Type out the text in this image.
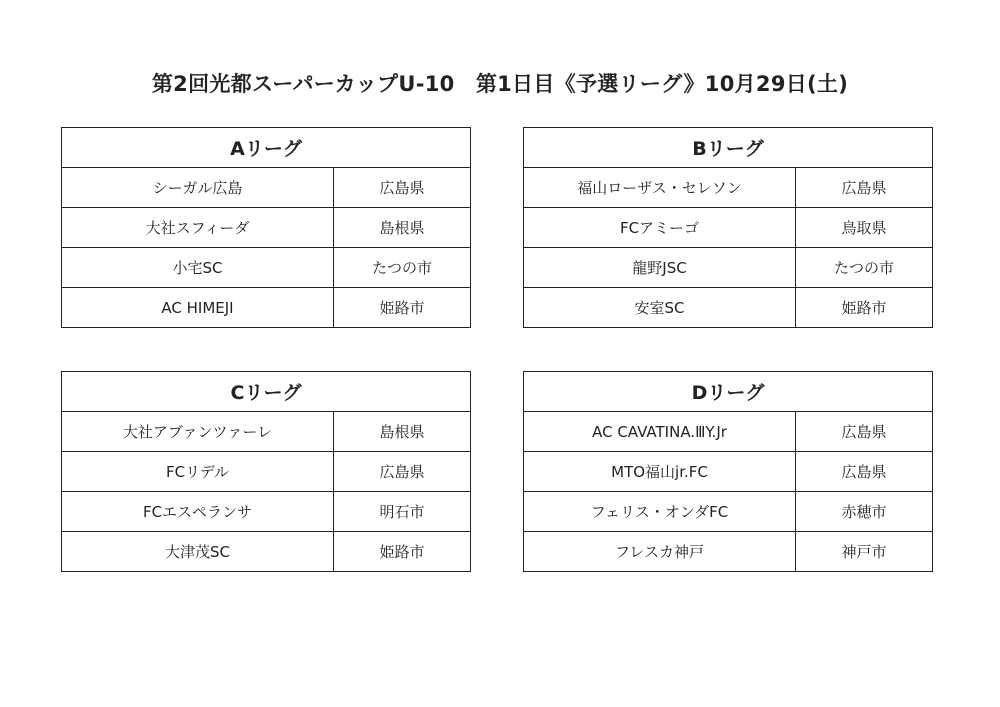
第2回光都スーパーカップU-10　第1日目《予選リーグ》10月29日(土)
Aリーグ	
シーガル広島	広島県
大社スフィーダ	島根県
小宅SC	たつの市
AC HIMEJI	姫路市
Bリーグ	
福山ローザス・セレソン	広島県
FCアミーゴ	鳥取県
龍野JSC	たつの市
安室SC	姫路市
Cリーグ	
大社アブァンツァーレ	島根県
FCリデル	広島県
FCエスペランサ	明石市
大津茂SC	姫路市
Dリーグ	
AC CAVATINA.ⅢY.Jr	広島県
MTO福山jr.FC	広島県
フェリス・オンダFC	赤穂市
フレスカ神戸	神戸市
